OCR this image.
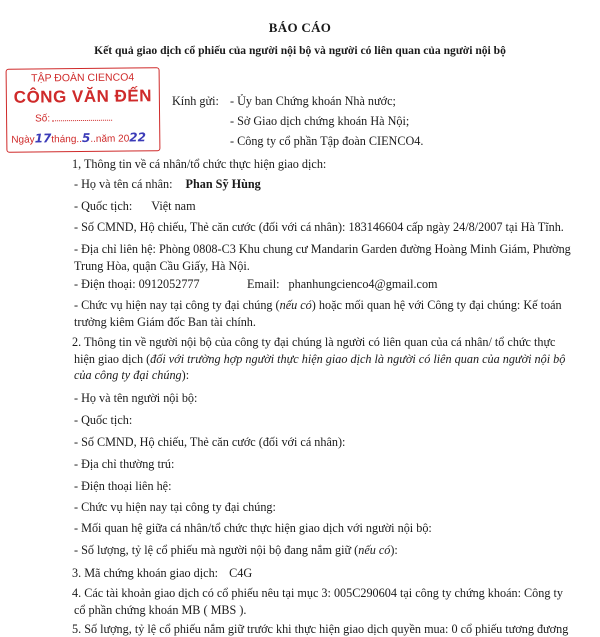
BÁO CÁO
Kết quả giao dịch cổ phiếu của người nội bộ và người có liên quan của người nội bộ
TẬP ĐOÀN CIENCO4
CÔNG VĂN ĐẾN
Số:
Ngày17tháng..5..năm 2022
Kính gửi: - Ủy ban Chứng khoán Nhà nước;
- Sở Giao dịch chứng khoán Hà Nội;
- Công ty cổ phần Tập đoàn CIENCO4.
1, Thông tin về cá nhân/tổ chức thực hiện giao dịch:
- Họ và tên cá nhân: Phan Sỹ Hùng
- Quốc tịch: Việt nam
- Số CMND, Hộ chiếu, Thẻ căn cước (đối với cá nhân): 183146604 cấp ngày 24/8/2007 tại Hà Tĩnh.
- Địa chỉ liên hệ: Phòng 0808-C3 Khu chung cư Mandarin Garden đường Hoàng Minh Giám, Phường
Trung Hòa, quận Cầu Giấy, Hà Nội.
- Điện thoại: 0912052777	Email: phanhungcienco4@gmail.com
- Chức vụ hiện nay tại công ty đại chúng (nếu có) hoặc mối quan hệ với Công ty đại chúng: Kế toán
trưởng kiêm Giám đốc Ban tài chính.
2. Thông tin về người nội bộ của công ty đại chúng là người có liên quan của cá nhân/ tổ chức thực
hiện giao dịch (đối với trường hợp người thực hiện giao dịch là người có liên quan của người nội bộ
của công ty đại chúng):
- Họ và tên người nội bộ:
- Quốc tịch:
- Số CMND, Hộ chiếu, Thẻ căn cước (đối với cá nhân):
- Địa chỉ thường trú:
- Điện thoại liên hệ:
- Chức vụ hiện nay tại công ty đại chúng:
- Mối quan hệ giữa cá nhân/tổ chức thực hiện giao dịch với người nội bộ:
- Số lượng, tỷ lệ cổ phiếu mà người nội bộ đang nắm giữ (nếu có):
3. Mã chứng khoán giao dịch: C4G
4. Các tài khoản giao dịch có cổ phiếu nêu tại mục 3: 005C290604 tại công ty chứng khoán: Công ty
cổ phần chứng khoán MB ( MBS ).
5. Số lượng, tỷ lệ cổ phiếu nắm giữ trước khi thực hiện giao dịch quyền mua: 0 cổ phiếu tương đương
